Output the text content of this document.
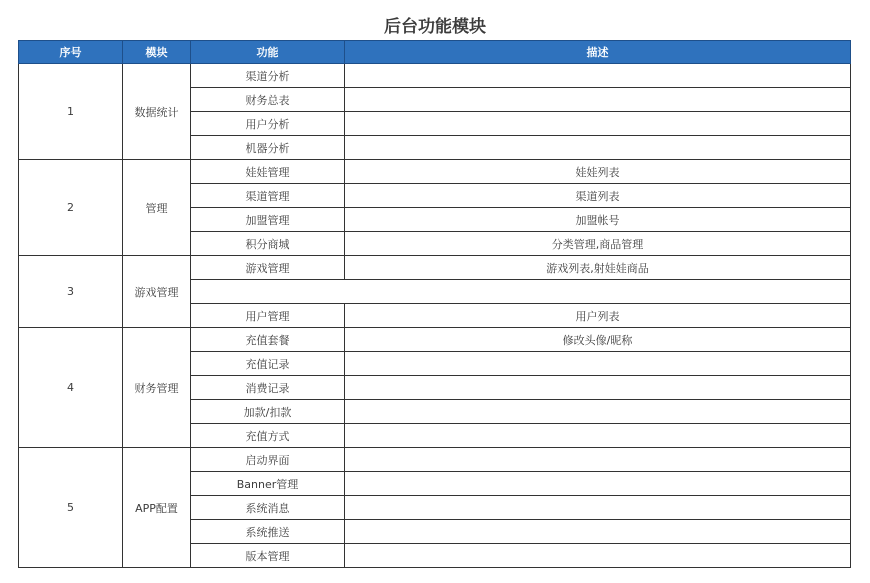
后台功能模块
序号	模块	功能	描述
1	数据统计	渠道分析	
		财务总表	
		用户分析	
		机器分析	
2	管理	娃娃管理	娃娃列表
		渠道管理	渠道列表
		加盟管理	加盟帐号
		积分商城	分类管理,商品管理
3	游戏管理	游戏管理	游戏列表,射娃娃商品

		用户管理	用户列表
4	财务管理	充值套餐	修改头像/昵称
		充值记录	
		消费记录	
		加款/扣款	
		充值方式	
5	APP配置	启动界面	
		Banner管理	
		系统消息	
		系统推送	
		版本管理	
